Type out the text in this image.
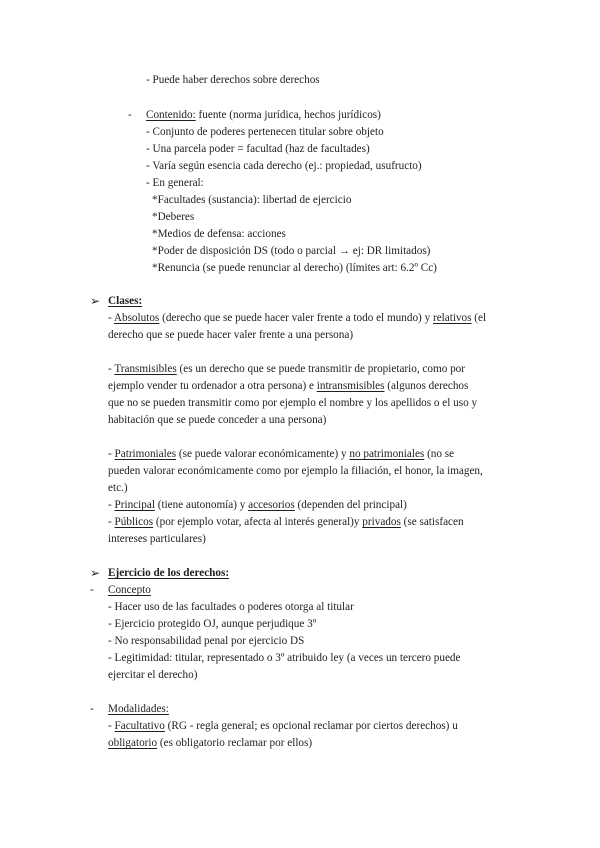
- Puede haber derechos sobre derechos
- Contenido: fuente (norma jurídica, hechos jurídicos)
- Conjunto de poderes pertenecen titular sobre objeto
- Una parcela poder = facultad (haz de facultades)
- Varía según esencia cada derecho (ej.: propiedad, usufructo)
- En general:
*Facultades (sustancia): libertad de ejercicio
*Deberes
*Medios de defensa: acciones
*Poder de disposición DS (todo o parcial → ej: DR limitados)
*Renuncia (se puede renunciar al derecho) (límites art: 6.2º Cc)
➢ Clases:
- Absolutos (derecho que se puede hacer valer frente a todo el mundo) y relativos (el
derecho que se puede hacer valer frente a una persona)
- Transmisibles (es un derecho que se puede transmitir de propietario, como por
ejemplo vender tu ordenador a otra persona) e intransmisibles (algunos derechos
que no se pueden transmitir como por ejemplo el nombre y los apellidos o el uso y
habitación que se puede conceder a una persona)
- Patrimoniales (se puede valorar económicamente) y no patrimoniales (no se
pueden valorar económicamente como por ejemplo la filiación, el honor, la imagen,
etc.)
- Principal (tiene autonomía) y accesorios (dependen del principal)
- Públicos (por ejemplo votar, afecta al interés general)y privados (se satisfacen
intereses particulares)
➢ Ejercicio de los derechos:
- Concepto
- Hacer uso de las facultades o poderes otorga al titular
- Ejercicio protegido OJ, aunque perjudique 3º
- No responsabilidad penal por ejercicio DS
- Legitimidad: titular, representado o 3º atribuido ley (a veces un tercero puede
ejercitar el derecho)
- Modalidades:
- Facultativo (RG - regla general; es opcional reclamar por ciertos derechos) u
obligatorio (es obligatorio reclamar por ellos)
